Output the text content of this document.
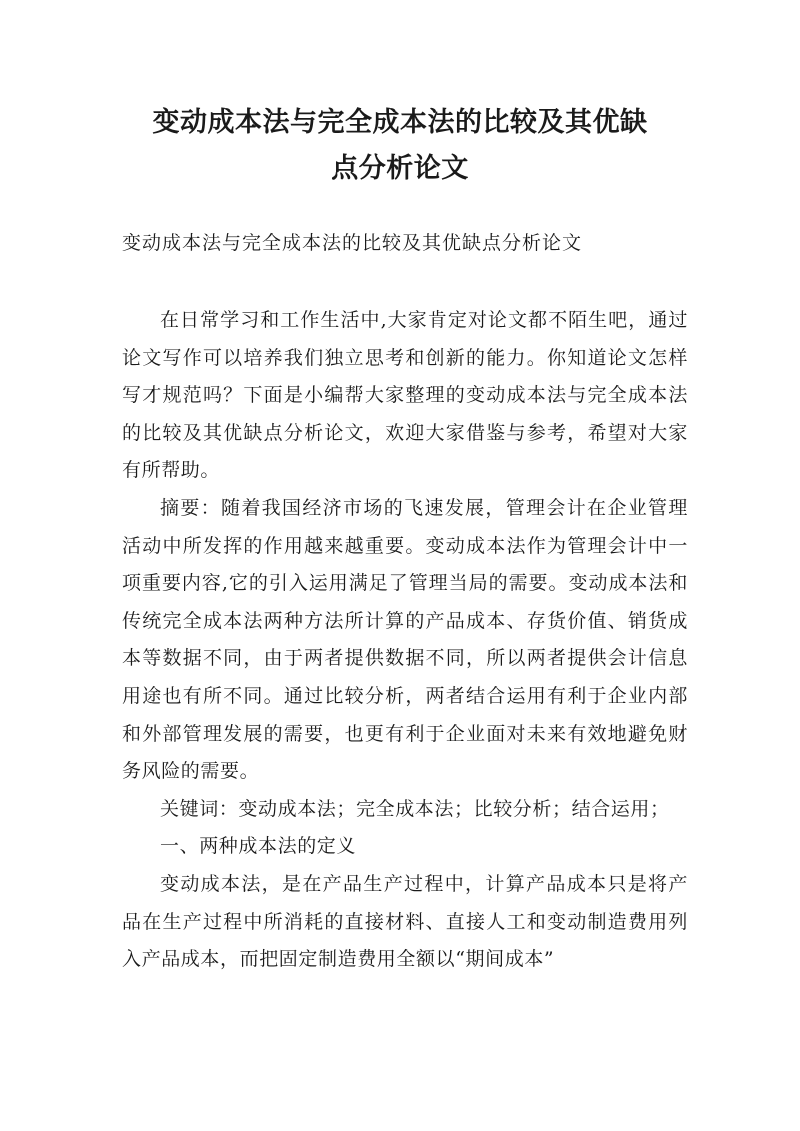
变动成本法与完全成本法的比较及其优缺
点分析论文

变动成本法与完全成本法的比较及其优缺点分析论文

在日常学习和工作生活中,大家肯定对论文都不陌生吧，通过论文写作可以培养我们独立思考和创新的能力。你知道论文怎样写才规范吗？下面是小编帮大家整理的变动成本法与完全成本法的比较及其优缺点分析论文，欢迎大家借鉴与参考，希望对大家有所帮助。

摘要：随着我国经济市场的飞速发展，管理会计在企业管理活动中所发挥的作用越来越重要。变动成本法作为管理会计中一项重要内容,它的引入运用满足了管理当局的需要。变动成本法和传统完全成本法两种方法所计算的产品成本、存货价值、销货成本等数据不同，由于两者提供数据不同，所以两者提供会计信息用途也有所不同。通过比较分析，两者结合运用有利于企业内部和外部管理发展的需要，也更有利于企业面对未来有效地避免财务风险的需要。

关键词：变动成本法；完全成本法；比较分析；结合运用；

一、两种成本法的定义

变动成本法，是在产品生产过程中，计算产品成本只是将产品在生产过程中所消耗的直接材料、直接人工和变动制造费用列入产品成本，而把固定制造费用全额以“期间成本”
